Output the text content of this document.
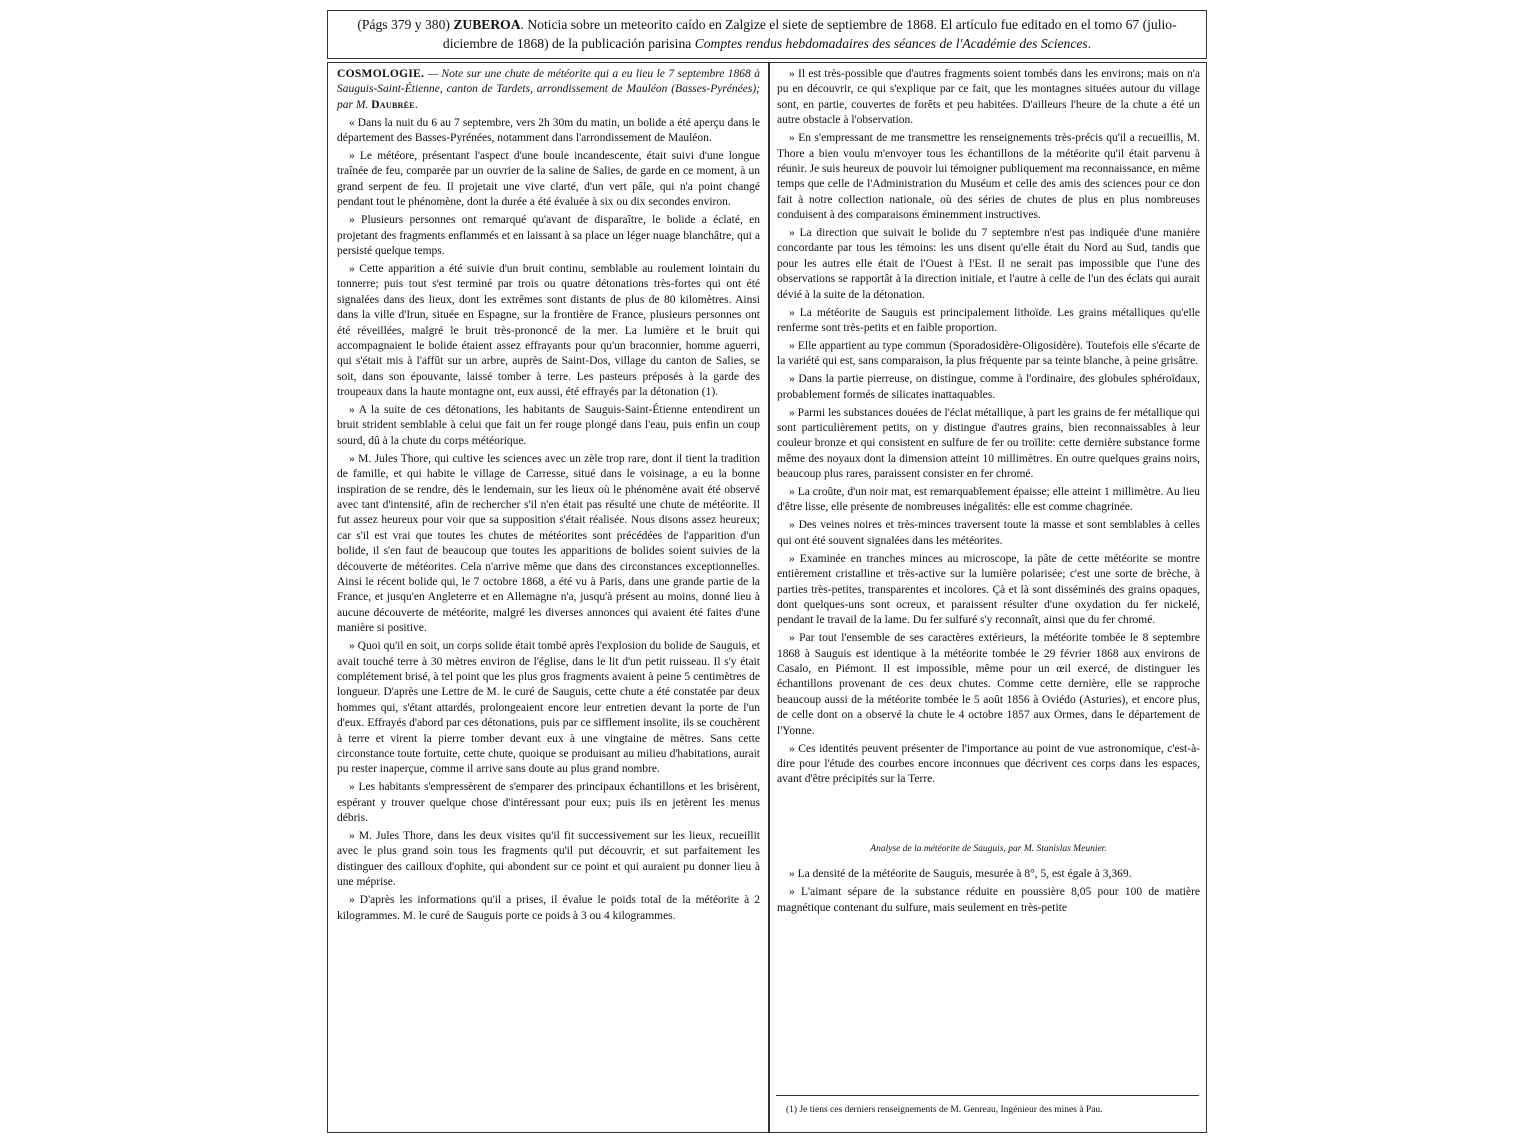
(Págs 379 y 380) ZUBEROA. Noticia sobre un meteorito caído en Zalgize el siete de septiembre de 1868. El artículo fue editado en el tomo 67 (julio-diciembre de 1868) de la publicación parisina Comptes rendus hebdomadaires des séances de l'Académie des Sciences.

COSMOLOGIE. — Note sur une chute de météorite qui a eu lieu le 7 septembre 1868 à Sauguis-Saint-Étienne, canton de Tardets, arrondissement de Mauléon (Basses-Pyrénées); par M. Daubrée.

« Dans la nuit du 6 au 7 septembre, vers 2h 30m du matin, un bolide a été aperçu dans le département des Basses-Pyrénées, notamment dans l'arrondissement de Mauléon.

» Le météore, présentant l'aspect d'une boule incandescente, était suivi d'une longue traînée de feu, comparée par un ouvrier de la saline de Salies, de garde en ce moment, à un grand serpent de feu. Il projetait une vive clarté, d'un vert pâle, qui n'a point changé pendant tout le phénomène, dont la durée a été évaluée à six ou dix secondes environ.

» Plusieurs personnes ont remarqué qu'avant de disparaître, le bolide a éclaté, en projetant des fragments enflammés et en laissant à sa place un léger nuage blanchâtre, qui a persisté quelque temps.

» Cette apparition a été suivie d'un bruit continu, semblable au roulement lointain du tonnerre; puis tout s'est terminé par trois ou quatre détonations très-fortes qui ont été signalées dans des lieux, dont les extrêmes sont distants de plus de 80 kilomètres. Ainsi dans la ville d'Irun, située en Espagne, sur la frontière de France, plusieurs personnes ont été réveillées, malgré le bruit très-prononcé de la mer. La lumière et le bruit qui accompagnaient le bolide étaient assez effrayants pour qu'un braconnier, homme aguerri, qui s'était mis à l'affût sur un arbre, auprès de Saint-Dos, village du canton de Salies, se soit, dans son épouvante, laissé tomber à terre. Les pasteurs préposés à la garde des troupeaux dans la haute montagne ont, eux aussi, été effrayés par la détonation (1).

» A la suite de ces détonations, les habitants de Sauguis-Saint-Étienne entendirent un bruit strident semblable à celui que fait un fer rouge plongé dans l'eau, puis enfin un coup sourd, dû à la chute du corps météorique.

» M. Jules Thore, qui cultive les sciences avec un zèle trop rare, dont il tient la tradition de famille, et qui habite le village de Carresse, situé dans le voisinage, a eu la bonne inspiration de se rendre, dès le lendemain, sur les lieux où le phénomène avait été observé avec tant d'intensité, afin de rechercher s'il n'en était pas résulté une chute de météorite. Il fut assez heureux pour voir que sa supposition s'était réalisée. Nous disons assez heureux; car s'il est vrai que toutes les chutes de météorites sont précédées de l'apparition d'un bolide, il s'en faut de beaucoup que toutes les apparitions de bolides soient suivies de la découverte de météorites. Cela n'arrive même que dans des circonstances exceptionnelles. Ainsi le récent bolide qui, le 7 octobre 1868, a été vu à Paris, dans une grande partie de la France, et jusqu'en Angleterre et en Allemagne n'a, jusqu'à présent au moins, donné lieu à aucune découverte de météorite, malgré les diverses annonces qui avaient été faites d'une manière si positive.

» Quoi qu'il en soit, un corps solide était tombé après l'explosion du bolide de Sauguis, et avait touché terre à 30 mètres environ de l'église, dans le lit d'un petit ruisseau. Il s'y était complétement brisé, à tel point que les plus gros fragments avaient à peine 5 centimètres de longueur. D'après une Lettre de M. le curé de Sauguis, cette chute a été constatée par deux hommes qui, s'étant attardés, prolongeaient encore leur entretien devant la porte de l'un d'eux. Effrayés d'abord par ces détonations, puis par ce sifflement insolite, ils se couchèrent à terre et virent la pierre tomber devant eux à une vingtaine de mètres. Sans cette circonstance toute fortuite, cette chute, quoique se produisant au milieu d'habitations, aurait pu rester inaperçue, comme il arrive sans doute au plus grand nombre.

» Les habitants s'empressèrent de s'emparer des principaux échantillons et les brisèrent, espérant y trouver quelque chose d'intéressant pour eux; puis ils en jetèrent les menus débris.

» M. Jules Thore, dans les deux visites qu'il fit successivement sur les lieux, recueillit avec le plus grand soin tous les fragments qu'il put découvrir, et sut parfaitement les distinguer des cailloux d'ophite, qui abondent sur ce point et qui auraient pu donner lieu à une méprise.

» D'après les informations qu'il a prises, il évalue le poids total de la météorite à 2 kilogrammes. M. le curé de Sauguis porte ce poids à 3 ou 4 kilogrammes.

» Il est très-possible que d'autres fragments soient tombés dans les environs; mais on n'a pu en découvrir, ce qui s'explique par ce fait, que les montagnes situées autour du village sont, en partie, couvertes de forêts et peu habitées. D'ailleurs l'heure de la chute a été un autre obstacle à l'observation.

» En s'empressant de me transmettre les renseignements très-précis qu'il a recueillis, M. Thore a bien voulu m'envoyer tous les échantillons de la météorite qu'il était parvenu à réunir. Je suis heureux de pouvoir lui témoigner publiquement ma reconnaissance, en même temps que celle de l'Administration du Muséum et celle des amis des sciences pour ce don fait à notre collection nationale, où des séries de chutes de plus en plus nombreuses conduisent à des comparaisons éminemment instructives.

» La direction que suivait le bolide du 7 septembre n'est pas indiquée d'une manière concordante par tous les témoins: les uns disent qu'elle était du Nord au Sud, tandis que pour les autres elle était de l'Ouest à l'Est. Il ne serait pas impossible que l'une des observations se rapportât à la direction initiale, et l'autre à celle de l'un des éclats qui aurait dévié à la suite de la détonation.

» La météorite de Sauguis est principalement lithoïde. Les grains métalliques qu'elle renferme sont très-petits et en faible proportion.

» Elle appartient au type commun (Sporadosidère-Oligosidère). Toutefois elle s'écarte de la variété qui est, sans comparaison, la plus fréquente par sa teinte blanche, à peine grisâtre.

» Dans la partie pierreuse, on distingue, comme à l'ordinaire, des globules sphéroïdaux, probablement formés de silicates inattaquables.

» Parmi les substances douées de l'éclat métallique, à part les grains de fer métallique qui sont particulièrement petits, on y distingue d'autres grains, bien reconnaissables à leur couleur bronze et qui consistent en sulfure de fer ou troïlite: cette dernière substance forme même des noyaux dont la dimension atteint 10 millimètres. En outre quelques grains noirs, beaucoup plus rares, paraissent consister en fer chromé.

» La croûte, d'un noir mat, est remarquablement épaisse; elle atteint 1 millimètre. Au lieu d'être lisse, elle présente de nombreuses inégalités: elle est comme chagrinée.

» Des veines noires et très-minces traversent toute la masse et sont semblables à celles qui ont été souvent signalées dans les météorites.

» Examinée en tranches minces au microscope, la pâte de cette météorite se montre entièrement cristalline et très-active sur la lumière polarisée; c'est une sorte de brèche, à parties très-petites, transparentes et incolores. Çà et là sont disséminés des grains opaques, dont quelques-uns sont ocreux, et paraissent résulter d'une oxydation du fer nickelé, pendant le travail de la lame. Du fer sulfuré s'y reconnaît, ainsi que du fer chromé.

» Par tout l'ensemble de ses caractères extérieurs, la météorite tombée le 8 septembre 1868 à Sauguis est identique à la météorite tombée le 29 février 1868 aux environs de Casalo, en Piémont. Il est impossible, même pour un œil exercé, de distinguer les échantillons provenant de ces deux chutes. Comme cette dernière, elle se rapproche beaucoup aussi de la météorite tombée le 5 août 1856 à Oviédo (Asturies), et encore plus, de celle dont on a observé la chute le 4 octobre 1857 aux Ormes, dans le département de l'Yonne.

» Ces identités peuvent présenter de l'importance au point de vue astronomique, c'est-à-dire pour l'étude des courbes encore inconnues que décrivent ces corps dans les espaces, avant d'être précipités sur la Terre.

Analyse de la météorite de Sauguis, par M. Stanislas Meunier.

» La densité de la météorite de Sauguis, mesurée à 8°, 5, est égale à 3,369.

» L'aimant sépare de la substance réduite en poussière 8,05 pour 100 de matière magnétique contenant du sulfure, mais seulement en très-petite

(1) Je tiens ces derniers renseignements de M. Genreau, Ingénieur des mines à Pau.
